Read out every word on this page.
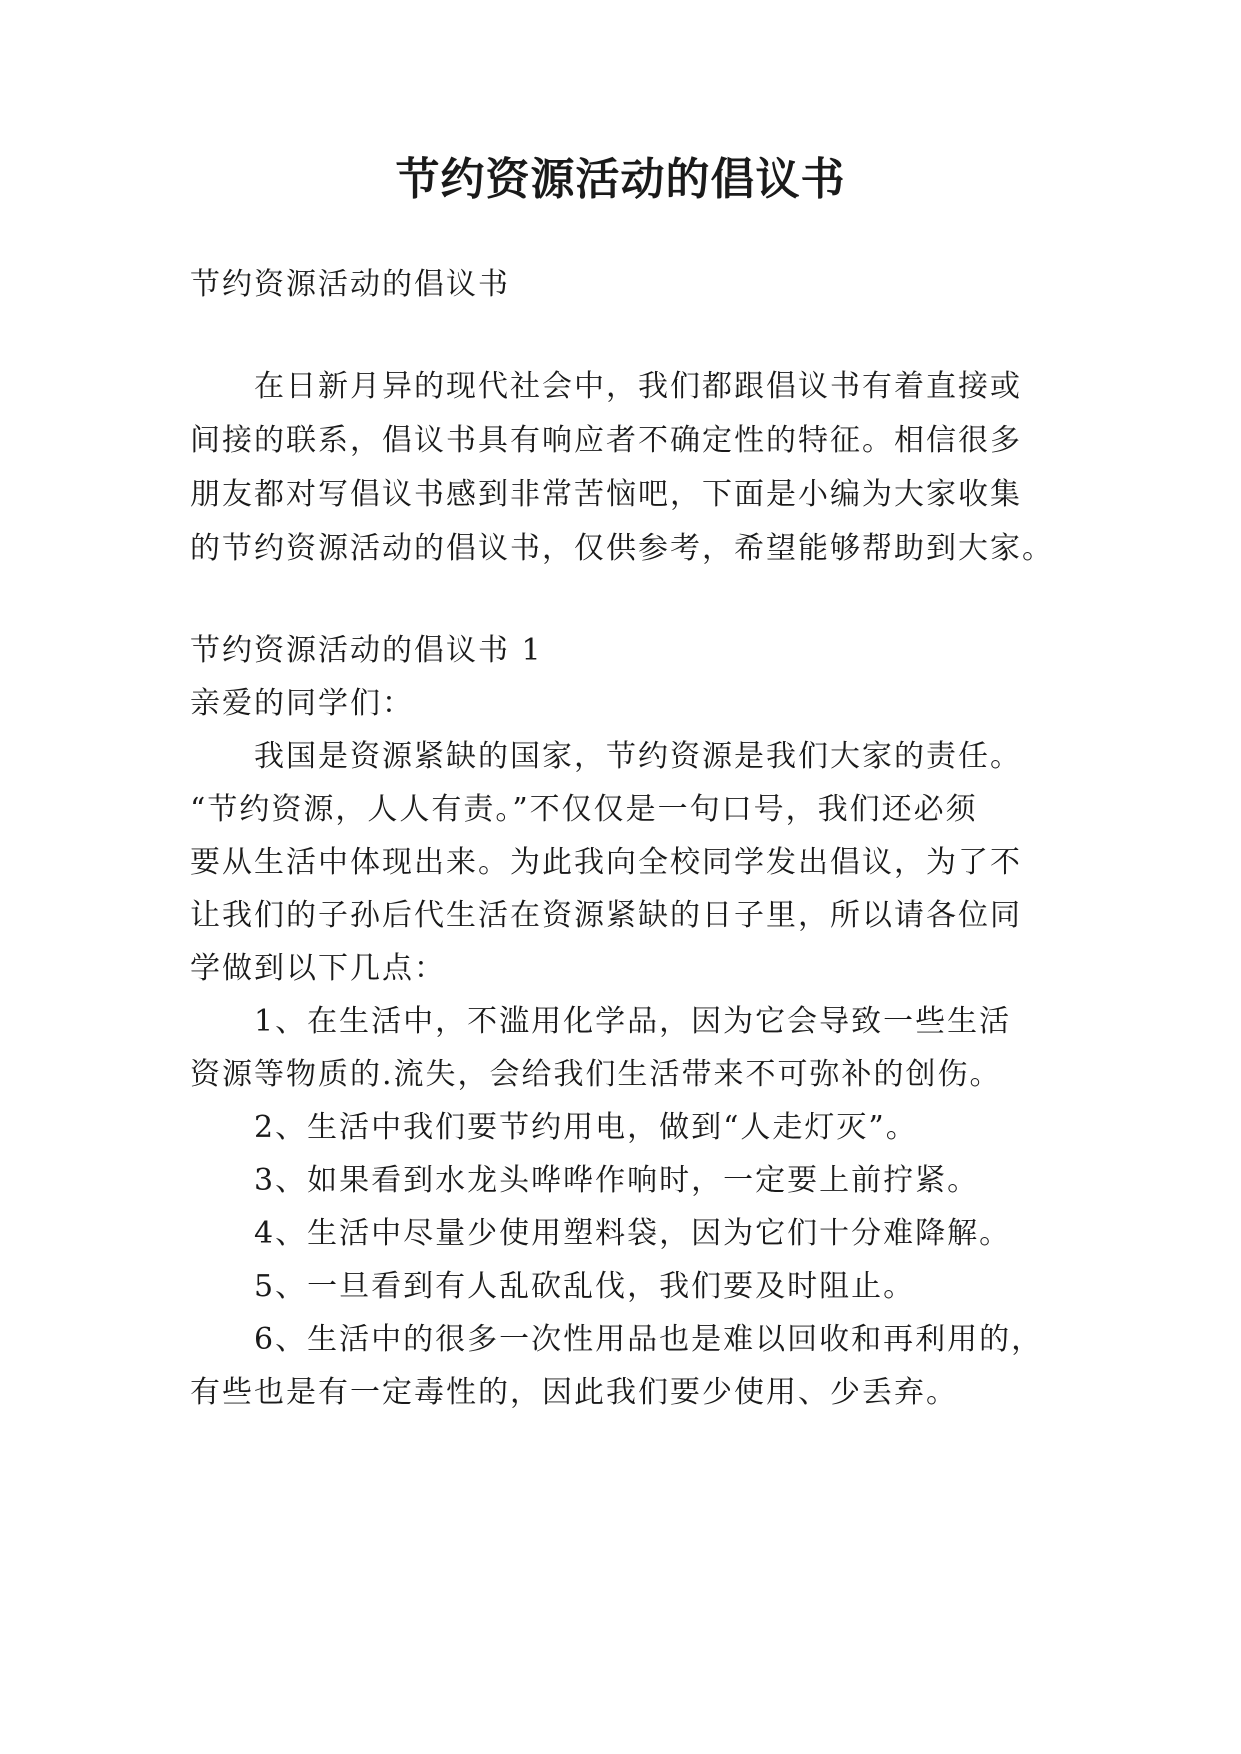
节约资源活动的倡议书

节约资源活动的倡议书

在日新月异的现代社会中，我们都跟倡议书有着直接或

间接的联系，倡议书具有响应者不确定性的特征。相信很多

朋友都对写倡议书感到非常苦恼吧，下面是小编为大家收集

的节约资源活动的倡议书，仅供参考，希望能够帮助到大家。

节约资源活动的倡议书 1

亲爱的同学们：

我国是资源紧缺的国家，节约资源是我们大家的责任。

“节约资源，人人有责。”不仅仅是一句口号，我们还必须

要从生活中体现出来。为此我向全校同学发出倡议，为了不

让我们的子孙后代生活在资源紧缺的日子里，所以请各位同

学做到以下几点：

1、在生活中，不滥用化学品，因为它会导致一些生活

资源等物质的.流失，会给我们生活带来不可弥补的创伤。

2、生活中我们要节约用电，做到“人走灯灭”。

3、如果看到水龙头哗哗作响时，一定要上前拧紧。

4、生活中尽量少使用塑料袋，因为它们十分难降解。

5、一旦看到有人乱砍乱伐，我们要及时阻止。

6、生活中的很多一次性用品也是难以回收和再利用的，

有些也是有一定毒性的，因此我们要少使用、少丢弃。
